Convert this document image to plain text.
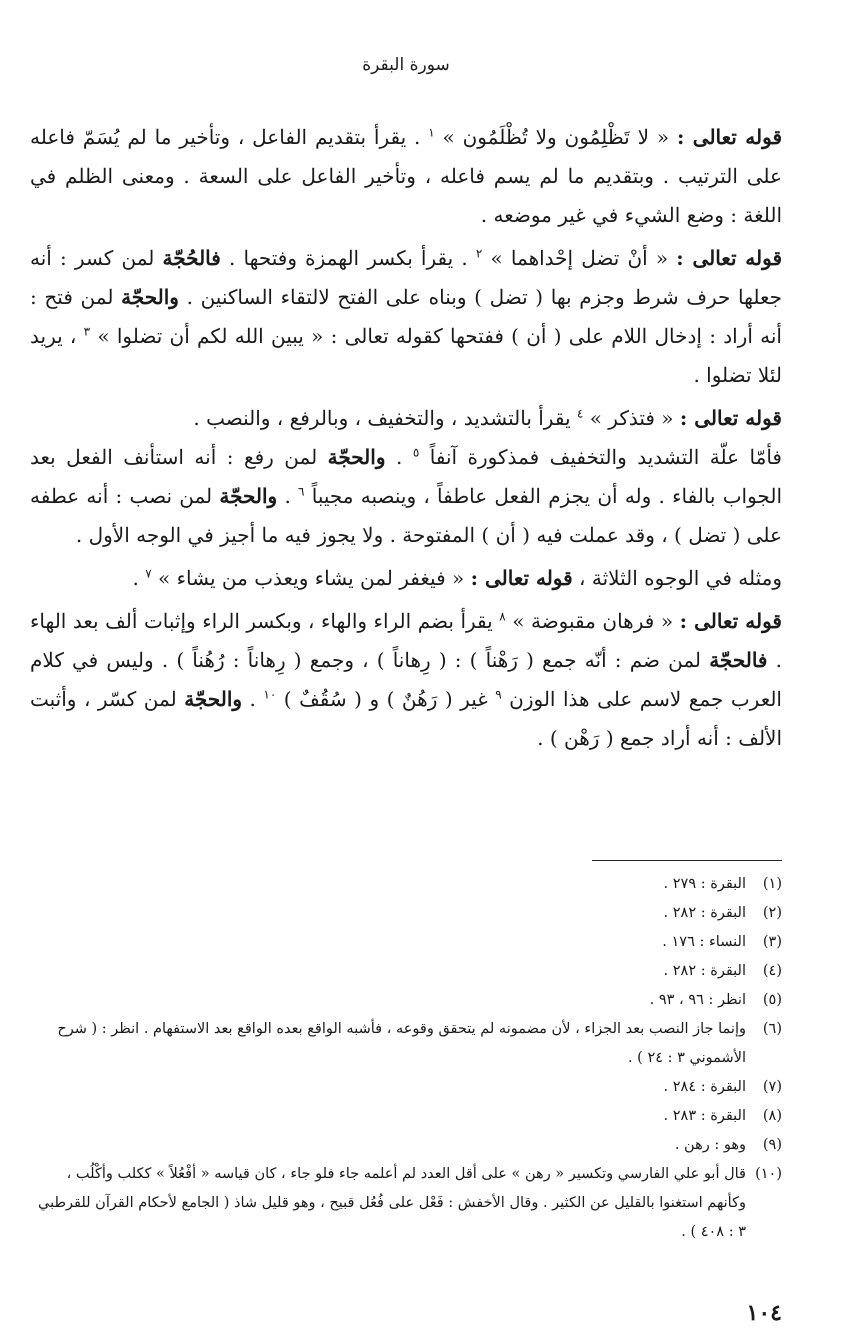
سورة البقرة

قوله تعالى : « لا تَظْلِمُون ولا تُظْلَمُون » $^١$ . يقرأ بتقديم الفاعل ، وتأخير ما لم يُسَمّ فاعله على الترتيب . وبتقديم ما لم يسم فاعله ، وتأخير الفاعل على السعة . ومعنى الظلم في اللغة : وضع الشيء في غير موضعه .

قوله تعالى : « أنْ تضل إحْداهما » $^٢$ . يقرأ بكسر الهمزة وفتحها . فالحُجّة لمن كسر : أنه جعلها حرف شرط وجزم بها ( تضل ) وبناه على الفتح لالتقاء الساكنين . والحجّة لمن فتح : أنه أراد : إدخال اللام على ( أن ) ففتحها كقوله تعالى : « يبين الله لكم أن تضلوا » $^٣$ ، يريد لئلا تضلوا .

قوله تعالى : « فتذكر » $^٤$ يقرأ بالتشديد ، والتخفيف ، وبالرفع ، والنصب .

فأمّا علّة التشديد والتخفيف فمذكورة آنفاً $^٥$ . والحجّة لمن رفع : أنه استأنف الفعل بعد الجواب بالفاء . وله أن يجزم الفعل عاطفاً ، وينصبه مجيباً $^٦$ . والحجّة لمن نصب : أنه عطفه على ( تضل ) ، وقد عملت فيه ( أن ) المفتوحة . ولا يجوز فيه ما أجيز في الوجه الأول .

ومثله في الوجوه الثلاثة ، قوله تعالى : « فيغفر لمن يشاء ويعذب من يشاء » $^٧$ .

قوله تعالى : « فرهان مقبوضة » $^٨$ يقرأ بضم الراء والهاء ، وبكسر الراء وإثبات ألف بعد الهاء . فالحجّة لمن ضم : أنّه جمع ( رَهْناً ) : ( رِهاناً ) ، وجمع ( رِهاناً : رُهُناً ) . وليس في كلام العرب جمع لاسم على هذا الوزن $^٩$ غير ( رَهُنٌ ) و ( سُقُفٌ ) $^{١٠}$ . والحجّة لمن كسّر ، وأثبت الألف : أنه أراد جمع ( رَهْن ) .

(١)
البقرة : ٢٧٩ .
(٢)
البقرة : ٢٨٢ .
(٣)
النساء : ١٧٦ .
(٤)
البقرة : ٢٨٢ .
(٥)
انظر : ٩٦ ، ٩٣ .
(٦)
وإنما جاز النصب بعد الجزاء ، لأن مضمونه لم يتحقق وقوعه ، فأشبه الواقع بعده الواقع بعد الاستفهام . انظر : ( شرح الأشموني ٣ : ٢٤ ) .
(٧)
البقرة : ٢٨٤ .
(٨)
البقرة : ٢٨٣ .
(٩)
وهو : رهن .
(١٠)
قال أبو علي الفارسي وتكسير « رهن » على أقل العدد لم أعلمه جاء فلو جاء ، كان قياسه « أفْعُلاً » ككلب وأكْلُب ، وكأنهم استغنوا بالقليل عن الكثير . وقال الأخفش : فَعْل على فُعُل قبيح ، وهو قليل شاذ ( الجامع لأحكام القرآن للقرطبي ٣ : ٤٠٨ ) .
١٠٤
